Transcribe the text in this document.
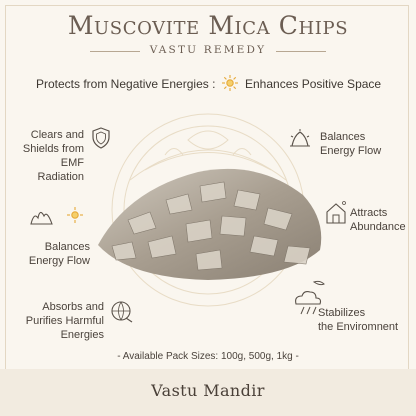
Muscovite Mica Chips
VASTU REMEDY
Protects from Negative Energies : Enhances Positive Space
Clears and
Shields from
EMF Radiation
Balances
Energy Flow
Absorbs and
Purifies Harmful
Energies
Balances
Energy Flow
Attracts
Abundance
Stabilizes
the Enviromnent
- Available Pack Sizes: 100g, 500g, 1kg -
Vastu Mandir
